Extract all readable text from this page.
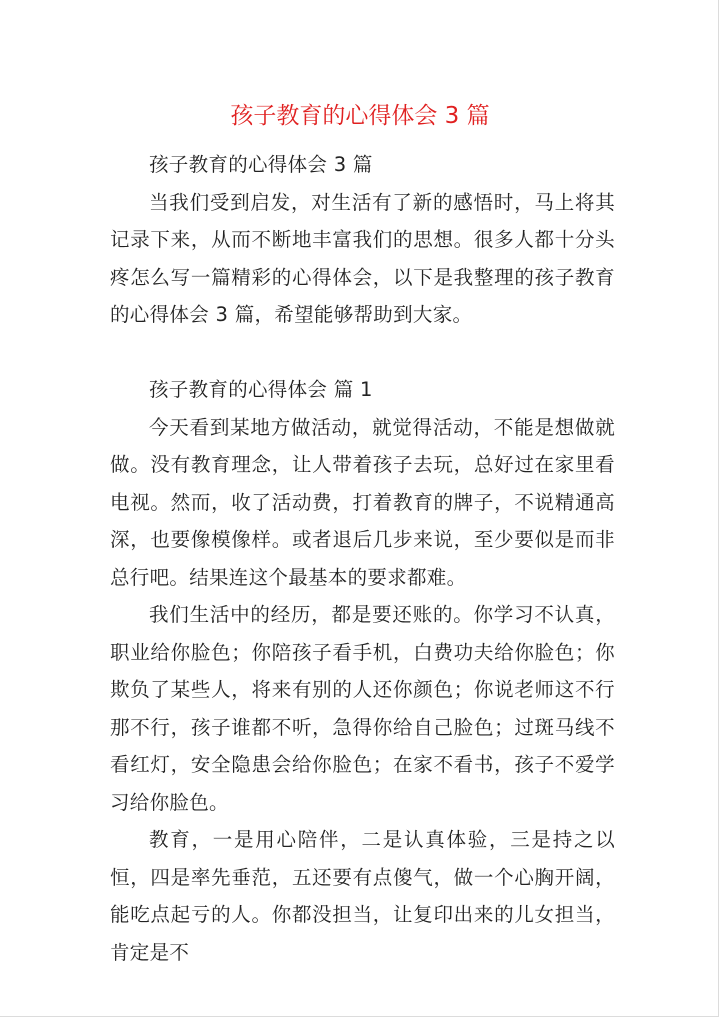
孩子教育的心得体会 3 篇

孩子教育的心得体会 3 篇

当我们受到启发，对生活有了新的感悟时，马上将其记录下来，从而不断地丰富我们的思想。很多人都十分头疼怎么写一篇精彩的心得体会，以下是我整理的孩子教育的心得体会 3 篇，希望能够帮助到大家。

孩子教育的心得体会 篇 1

今天看到某地方做活动，就觉得活动，不能是想做就做。没有教育理念，让人带着孩子去玩，总好过在家里看电视。然而，收了活动费，打着教育的牌子，不说精通高深，也要像模像样。或者退后几步来说，至少要似是而非总行吧。结果连这个最基本的要求都难。

我们生活中的经历，都是要还账的。你学习不认真，职业给你脸色；你陪孩子看手机，白费功夫给你脸色；你欺负了某些人，将来有别的人还你颜色；你说老师这不行那不行，孩子谁都不听，急得你给自己脸色；过斑马线不看红灯，安全隐患会给你脸色；在家不看书，孩子不爱学习给你脸色。

教育，一是用心陪伴，二是认真体验，三是持之以恒，四是率先垂范，五还要有点傻气，做一个心胸开阔，能吃点起亏的人。你都没担当，让复印出来的儿女担当，肯定是不
